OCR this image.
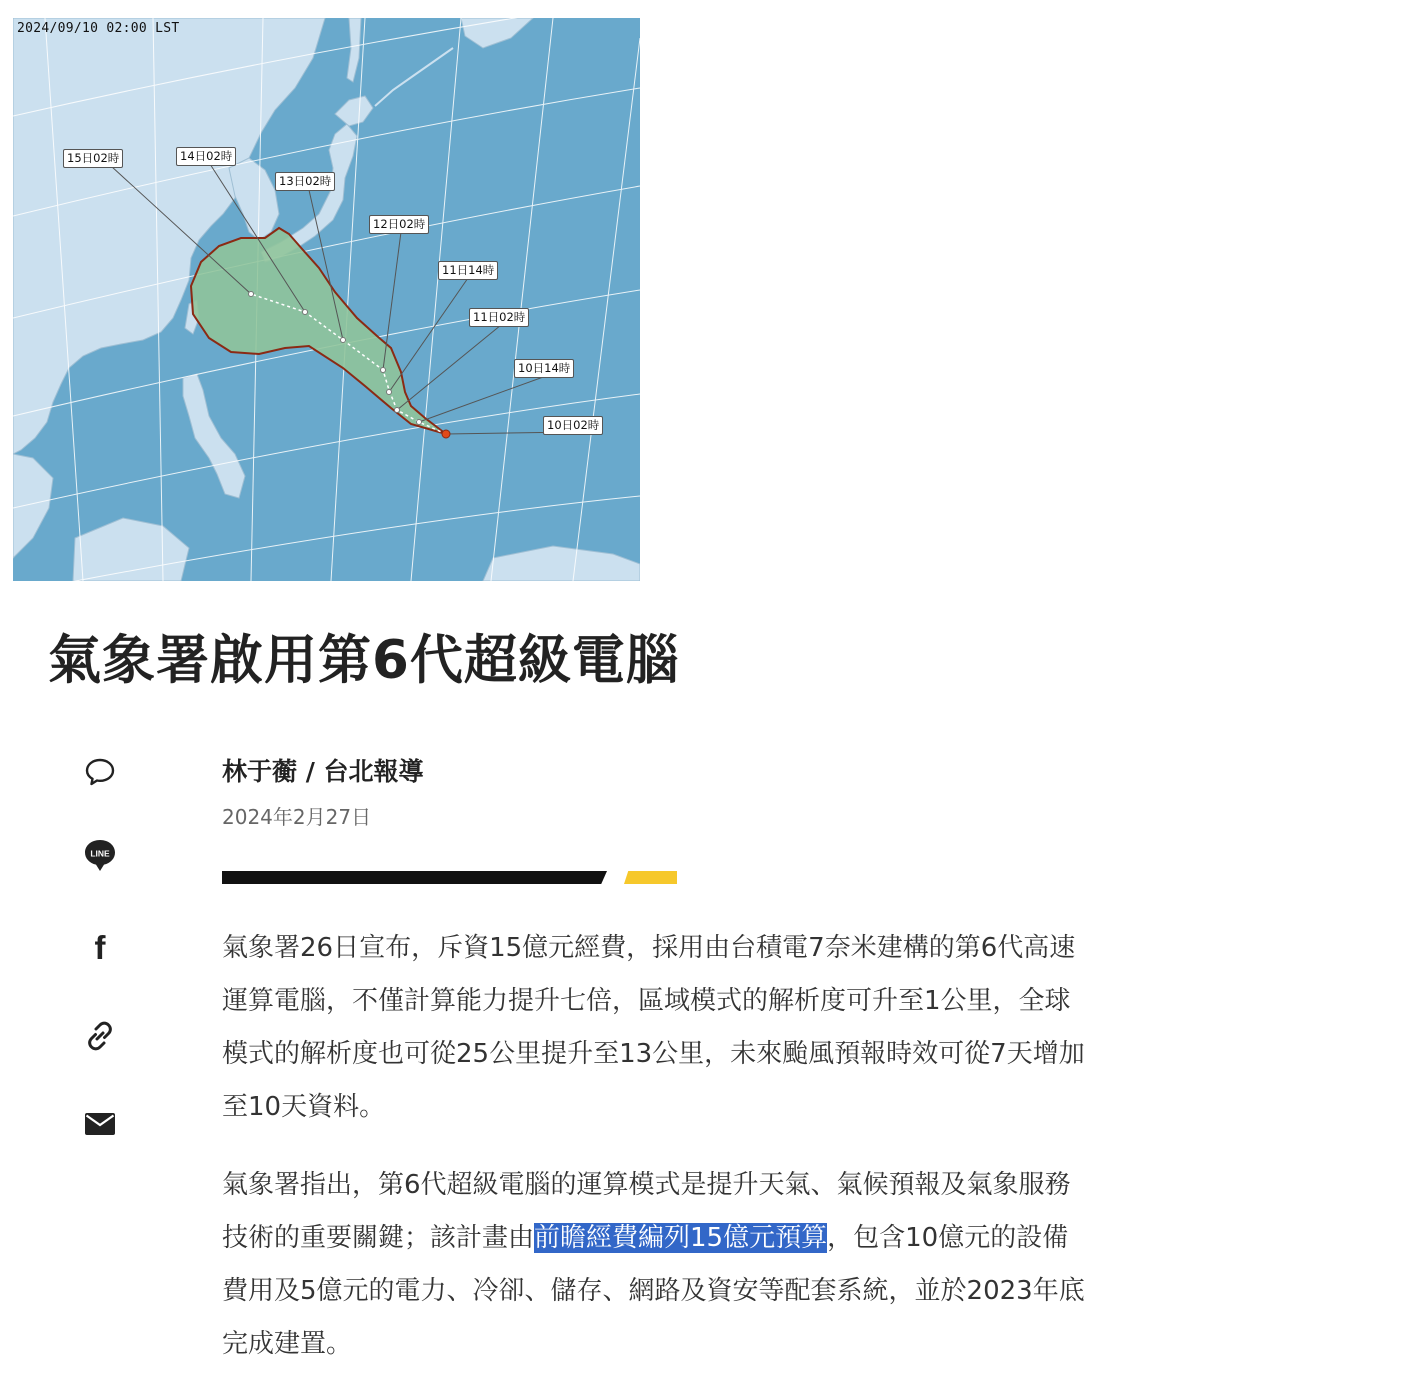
2024/09/10 02:00 LST
15日02時	14日02時
13日02時
12日02時
11日14時
11日02時
10日14時
10日02時
氣象署啟用第6代超級電腦
LINE
f
林于蘅 / 台北報導
2024年2月27日

氣象署26日宣布，斥資15億元經費，採用由台積電7奈米建構的第6代高速
運算電腦，不僅計算能力提升七倍，區域模式的解析度可升至1公里，全球
模式的解析度也可從25公里提升至13公里，未來颱風預報時效可從7天增加
至10天資料。

氣象署指出，第6代超級電腦的運算模式是提升天氣、氣候預報及氣象服務
技術的重要關鍵；該計畫由前瞻經費編列15億元預算，包含10億元的設備
費用及5億元的電力、冷卻、儲存、網路及資安等配套系統，並於2023年底
完成建置。
